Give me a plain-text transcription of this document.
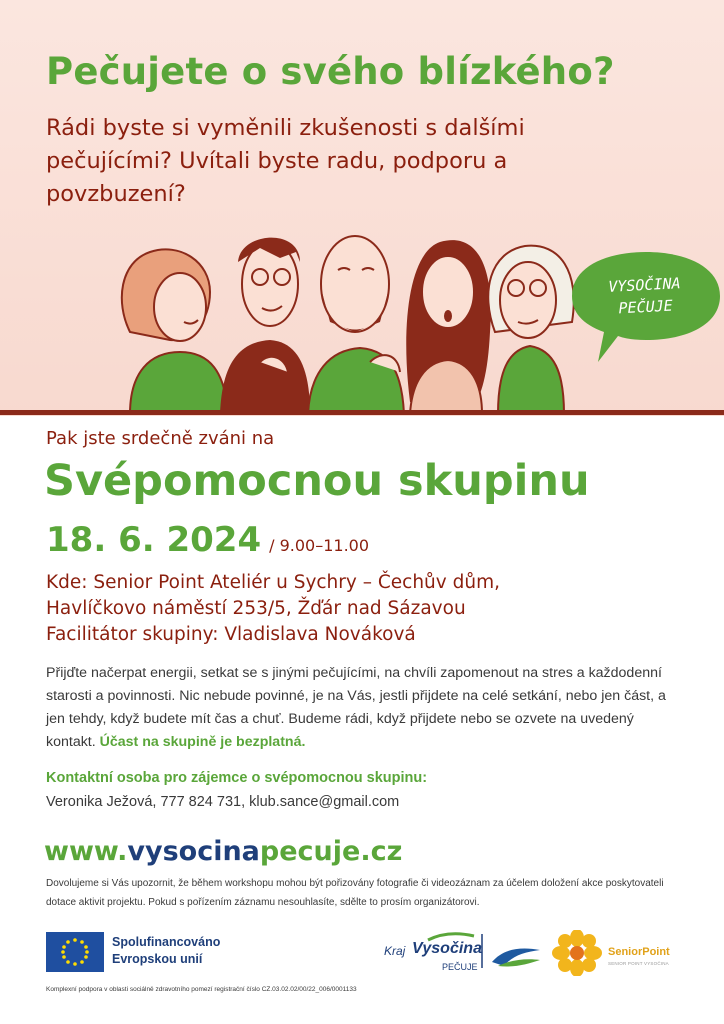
Pečujete o svého blízkého?
Rádi byste si vyměnili zkušenosti s dalšími pečujícími? Uvítali byste radu, podporu a povzbuzení?
VYSOČINA
PEČUJE
Pak jste srdečně zváni na
Svépomocnou skupinu
18. 6. 2024 / 9.00–11.00
Kde: Senior Point Ateliér u Sychry – Čechův dům,
Havlíčkovo náměstí 253/5, Žďár nad Sázavou
Facilitátor skupiny: Vladislava Nováková
Přijďte načerpat energii, setkat se s jinými pečujícími, na chvíli zapomenout na stres a každodenní starosti a povinnosti. Nic nebude povinné, je na Vás, jestli přijdete na celé setkání, nebo jen část, a jen tehdy, když budete mít čas a chuť. Budeme rádi, když přijdete nebo se ozvete na uvedený kontakt. Účast na skupině je bezplatná.
Kontaktní osoba pro zájemce o svépomocnou skupinu:
Veronika Ježová, 777 824 731, klub.sance@gmail.com
www.vysocinapecuje.cz
Dovolujeme si Vás upozornit, že během workshopu mohou být pořizovány fotografie či videozáznam za účelem doložení akce poskytovateli dotace aktivit projektu. Pokud s pořízením záznamu nesouhlasíte, sdělte to prosím organizátorovi.
Spolufinancováno
Evropskou unií
Kraj Vysočina
PEČUJE
SeniorPoint
SENIOR POINT VYSOČINA
Komplexní podpora v oblasti sociálně zdravotního pomezí registrační číslo CZ.03.02.02/00/22_006/0001133
